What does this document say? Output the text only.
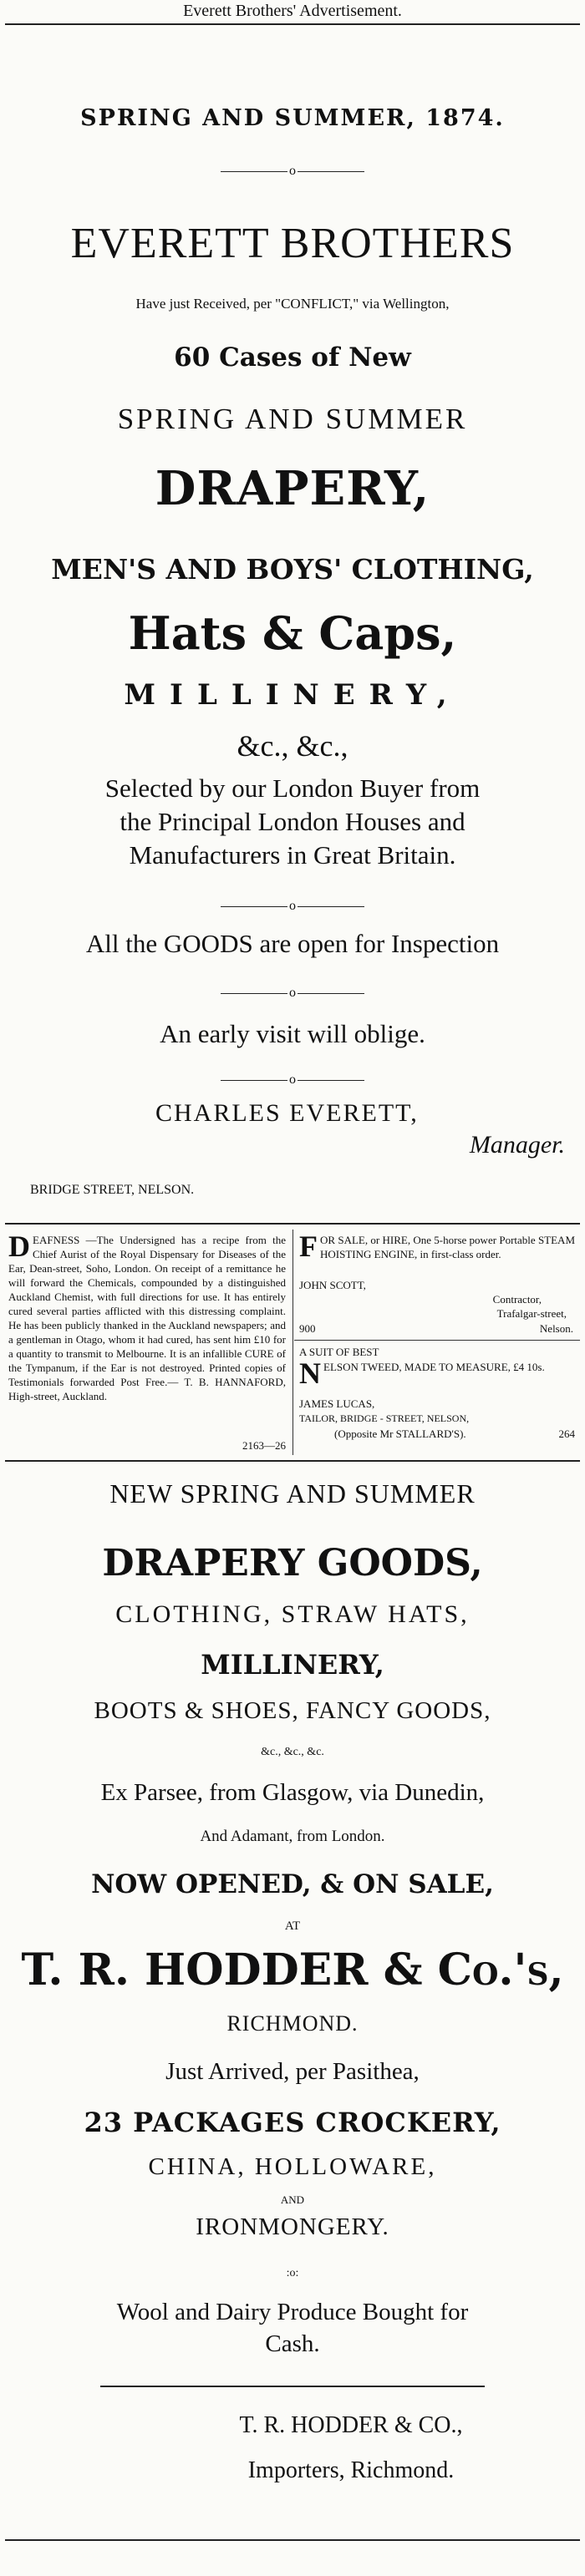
Everett Brothers' Advertisement.
SPRING AND SUMMER, 1874.
o
EVERETT BROTHERS
Have just Received, per "CONFLICT," via Wellington,
60 Cases of New
SPRING AND SUMMER
DRAPERY,
MEN'S AND BOYS' CLOTHING,
Hats & Caps,
MILLINERY,
&c., &c.,
Selected by our London Buyer from
the Principal London Houses and
Manufacturers in Great Britain.
o
All the GOODS are open for Inspection
o
An early visit will oblige.
o
CHARLES EVERETT,
Manager.
BRIDGE STREET, NELSON.
DEAFNESS —The Undersigned has a recipe from the Chief Aurist of the Royal Dispensary for Diseases of the Ear, Dean-street, Soho, London. On receipt of a remittance he will forward the Chemicals, compounded by a distinguished Auckland Chemist, with full directions for use. It has entirely cured several parties afflicted with this distressing complaint. He has been publicly thanked in the Auckland newspapers; and a gentleman in Otago, whom it had cured, has sent him £10 for a quantity to transmit to Melbourne. It is an infallible CURE of the Tympanum, if the Ear is not destroyed. Printed copies of Testimonials forwarded Post Free.— T. B. HANNAFORD, High-street, Auckland.
2163—26
FOR SALE, or HIRE, One 5-horse power Portable STEAM HOISTING ENGINE, in first-class order.
JOHN SCOTT,
Contractor,
Trafalgar-street,
900	Nelson.
A SUIT OF BEST
NELSON TWEED, MADE TO MEASURE, £4 10s.
JAMES LUCAS,
TAILOR, BRIDGE - STREET, NELSON,
(Opposite Mr STALLARD'S).	264
NEW SPRING AND SUMMER
DRAPERY GOODS,
CLOTHING, STRAW HATS,
MILLINERY,
BOOTS & SHOES, FANCY GOODS,
&c., &c., &c.
Ex Parsee, from Glasgow, via Dunedin,
And Adamant, from London.
NOW OPENED, & ON SALE,
AT
T. R. HODDER & Co.'s,
RICHMOND.
Just Arrived, per Pasithea,
23 PACKAGES CROCKERY,
CHINA, HOLLOWARE,
AND
IRONMONGERY.
:o:
Wool and Dairy Produce Bought for
Cash.
T. R. HODDER & CO.,
Importers, Richmond.
